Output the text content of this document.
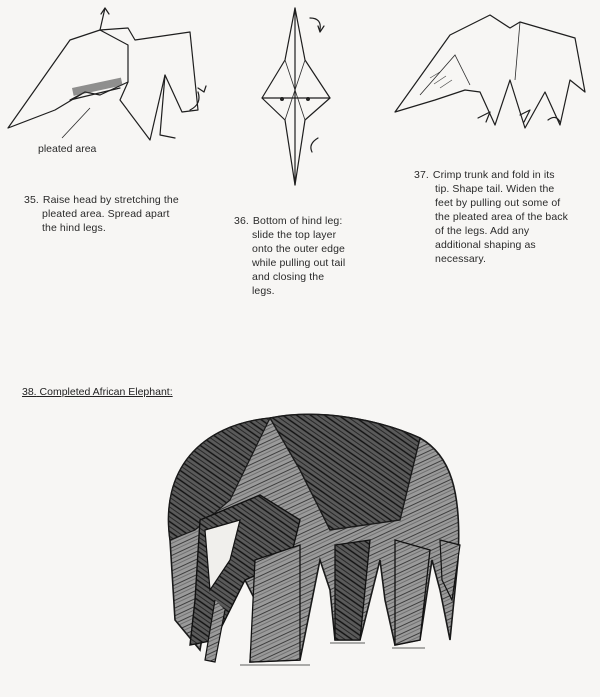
pleated area
35. Raise head by stretching the
pleated area. Spread apart
the hind legs.
36. Bottom of hind leg:
slide the top layer
onto the outer edge
while pulling out tail
and closing the
legs.
37. Crimp trunk and fold in its
tip. Shape tail. Widen the
feet by pulling out some of
the pleated area of the back
of the legs. Add any
additional shaping as
necessary.
38. Completed African Elephant:
